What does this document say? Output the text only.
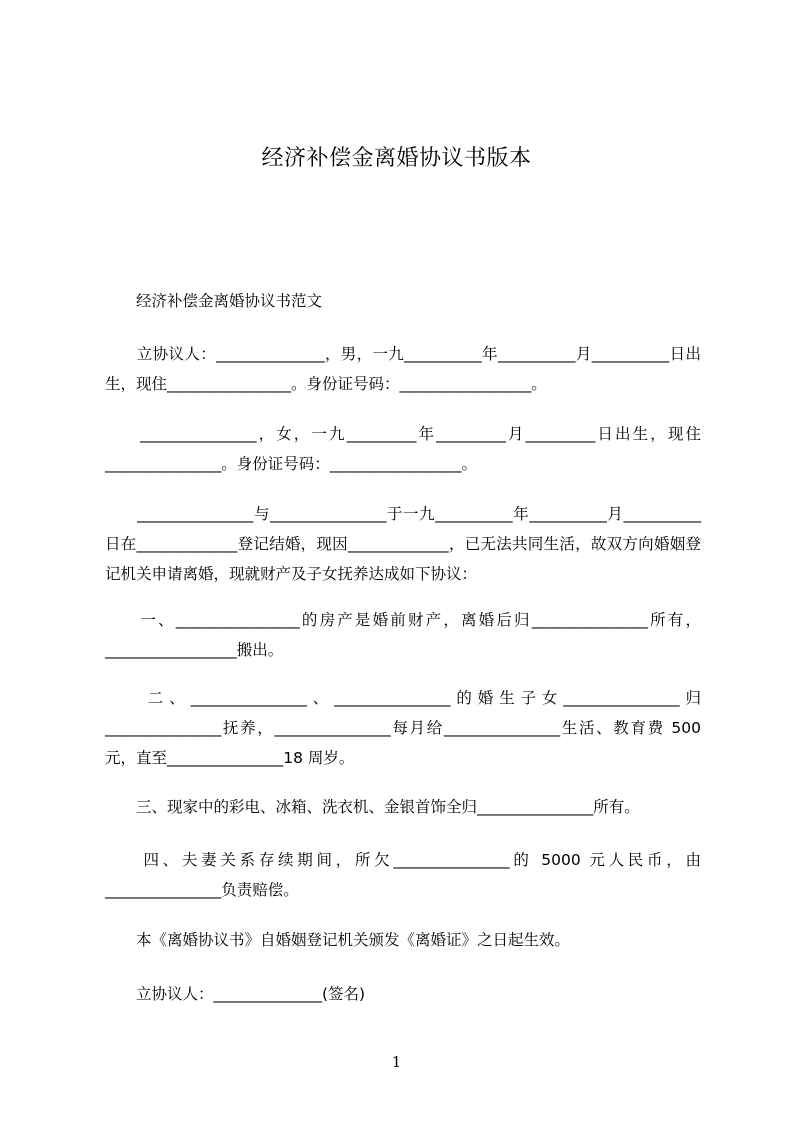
经济补偿金离婚协议书版本
　　经济补偿金离婚协议书范文
　　立协议人：______________，男，一九__________年__________月__________日出生，现住________________。身份证号码：_________________。
　　_______________，女，一九_________年_________月_________日出生，现住_______________。身份证号码：_________________。
　　_______________与_______________于一九__________年__________月__________日在_____________登记结婚，现因_____________，已无法共同生活，故双方向婚姻登记机关申请离婚，现就财产及子女抚养达成如下协议：
　　一、________________的房产是婚前财产，离婚后归_______________所有，_________________搬出。
　　二、_______________、_______________的婚生子女_______________归_______________抚养，_______________每月给_______________生活、教育费 500 元，直至_______________18 周岁。
　　三、现家中的彩电、冰箱、洗衣机、金银首饰全归_______________所有。
　　四、夫妻关系存续期间，所欠_______________的 5000 元人民币，由_______________负责赔偿。
　　本《离婚协议书》自婚姻登记机关颁发《离婚证》之日起生效。
　　立协议人：______________(签名)
1
